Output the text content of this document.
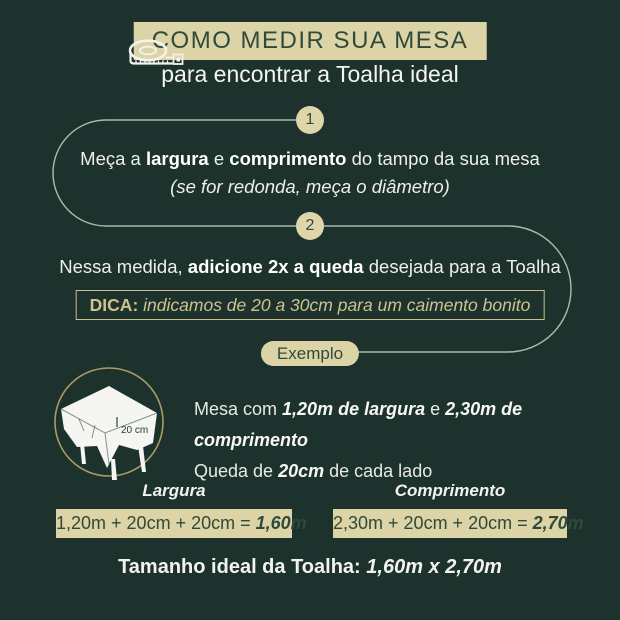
COMO MEDIR SUA MESA
para encontrar a Toalha ideal
1

Meça a largura e comprimento do tampo da sua mesa

(se for redonda, meça o diâmetro)

2

Nessa medida, adicione 2x a queda desejada para a Toalha

DICA: indicamos de 20 a 30cm para um caimento bonito
Exemplo
20 cm

Mesa com 1,20m de largura e 2,30m de comprimento

Queda de 20cm de cada lado

Largura	Comprimento
1,20m + 20cm + 20cm = 1,60m 2,30m + 20cm + 20cm = 2,70m
Tamanho ideal da Toalha: 1,60m x 2,70m
